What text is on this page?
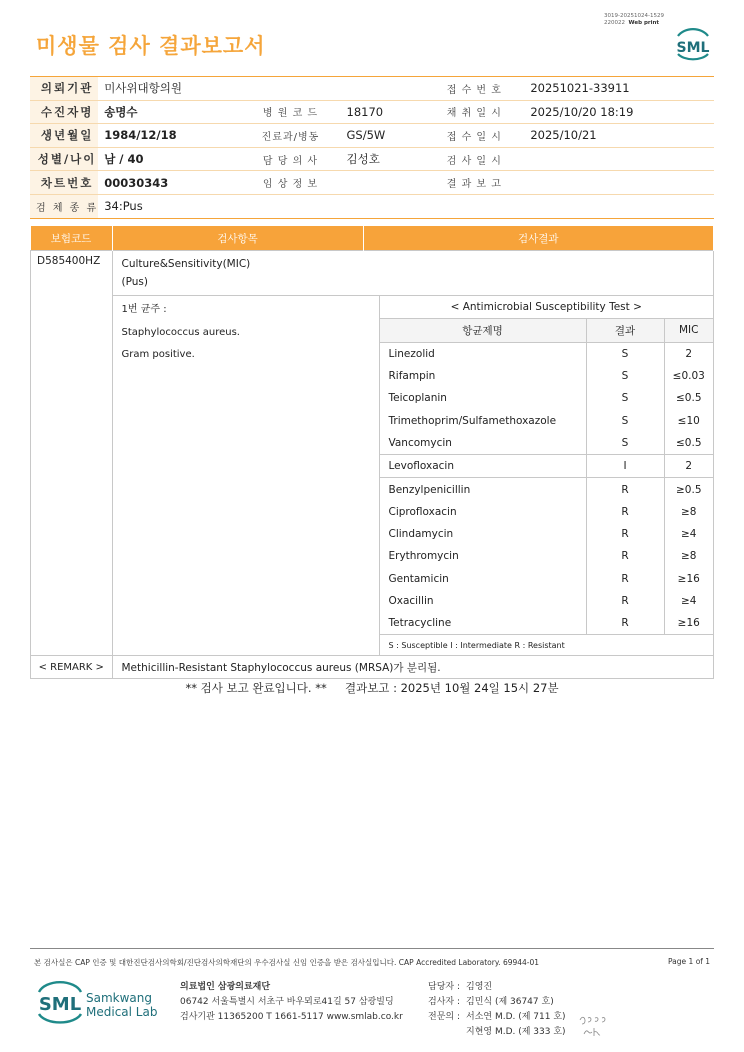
미생물 검사 결과보고서
3019-20251024-1529
220022 Web print
SML
의뢰기관	미사위대항의원			접 수 번 호	20251021-33911
수진자명	송명수	병 원 코 드	18170	채 취 일 시	2025/10/20 18:19
생년월일	1984/12/18	진료과/병동	GS/5W	접 수 일 시	2025/10/21
성별/나이	남 / 40	담 당 의 사	김성호	검 사 일 시	
차트번호	00030343	임 상 정 보		결 과 보 고	
검 체 종 류	34:Pus				
보험코드	검사항목	검사결과
D585400HZ	Culture&Sensitivity(MIC)
(Pus)
1번 균주 :
Staphylococcus aureus.
Gram positive.

< Antimicrobial Susceptibility Test >
항균제명	결과	MIC
Linezolid	S	2
Rifampin	S	≤0.03
Teicoplanin	S	≤0.5
Trimethoprim/Sulfamethoxazole	S	≤10
Vancomycin	S	≤0.5
Levofloxacin	I	2
Benzylpenicillin	R	≥0.5
Ciprofloxacin	R	≥8
Clindamycin	R	≥4
Erythromycin	R	≥8
Gentamicin	R	≥16
Oxacillin	R	≥4
Tetracycline	R	≥16
S : Susceptible I : Intermediate R : Resistant

< REMARK >	Methicillin-Resistant Staphylococcus aureus (MRSA)가 분리됨.
** 검사 보고 완료입니다. **     결과보고 : 2025년 10월 24일 15시 27분
본 검사실은 CAP 인증 및 대한진단검사의학회/진단검사의학재단의 우수검사실 신임 인증을 받은 검사실입니다. CAP Accredited Laboratory. 69944-01	Page 1 of 1
SML Samkwang
Medical Lab
의료법인 삼광의료재단
06742 서울특별시 서초구 바우뫼로41길 57 삼광빌딩
검사기관 11365200 T 1661-5117 www.smlab.co.kr
담당자 :	김영진
검사자 :	김민식 (제 36747 호)
전문의 :	서소연 M.D. (제 711 호)
	지현영 M.D. (제 333 호)
